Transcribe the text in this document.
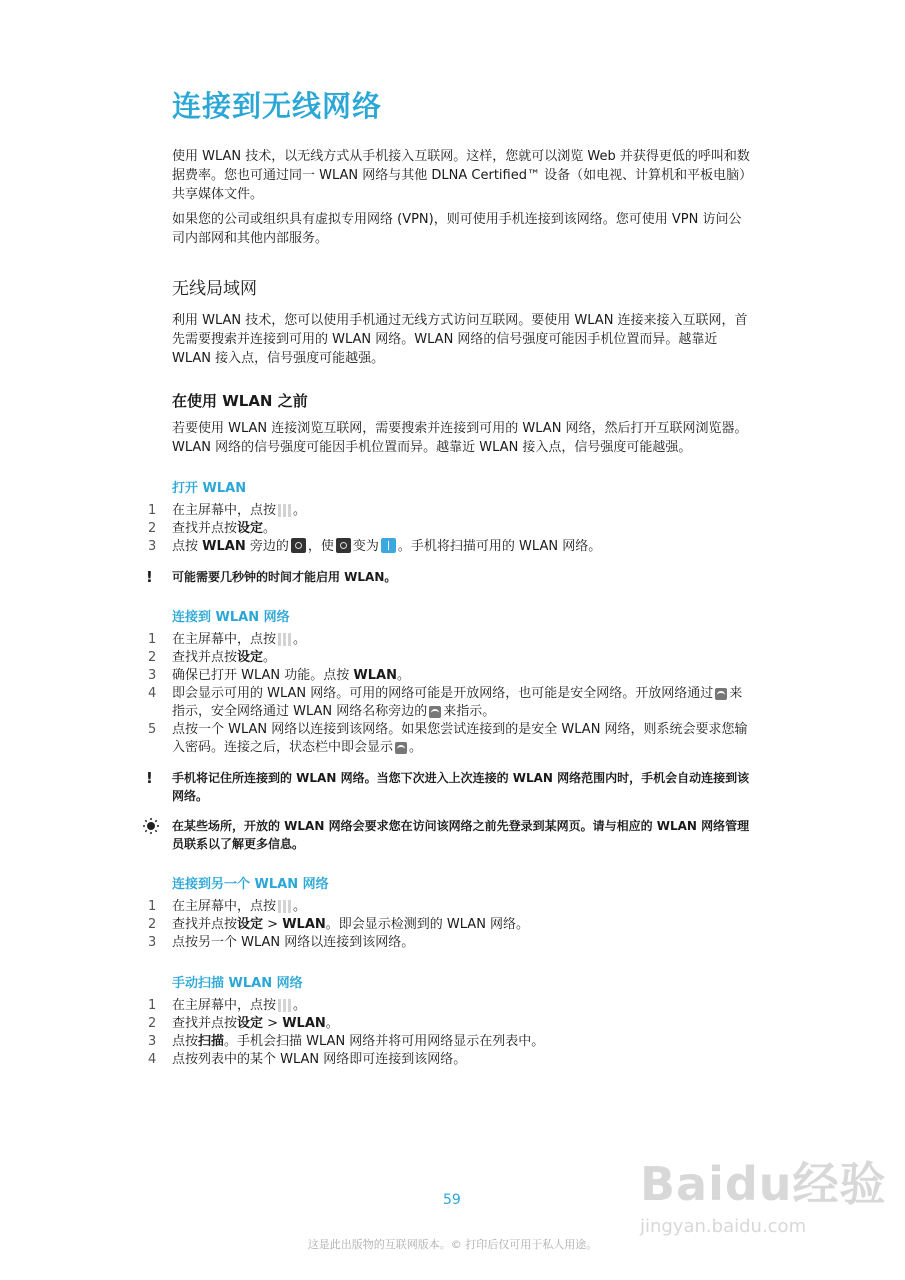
连接到无线网络

使用 WLAN 技术，以无线方式从手机接入互联网。这样，您就可以浏览 Web 并获得更低的呼叫和数据费率。您也可通过同一 WLAN 网络与其他 DLNA Certified™ 设备（如电视、计算机和平板电脑）共享媒体文件。

如果您的公司或组织具有虚拟专用网络 (VPN)，则可使用手机连接到该网络。您可使用 VPN 访问公司内部网和其他内部服务。

无线局域网

利用 WLAN 技术，您可以使用手机通过无线方式访问互联网。要使用 WLAN 连接来接入互联网，首先需要搜索并连接到可用的 WLAN 网络。WLAN 网络的信号强度可能因手机位置而异。越靠近 WLAN 接入点，信号强度可能越强。

在使用 WLAN 之前

若要使用 WLAN 连接浏览互联网，需要搜索并连接到可用的 WLAN 网络，然后打开互联网浏览器。WLAN 网络的信号强度可能因手机位置而异。越靠近 WLAN 接入点，信号强度可能越强。

打开 WLAN
1 在主屏幕中，点按 。
2 查找并点按设定。
3 点按 WLAN 旁边的 ，使 变为 。手机将扫描可用的 WLAN 网络。
! 可能需要几秒钟的时间才能启用 WLAN。
连接到 WLAN 网络
1 在主屏幕中，点按 。
2 查找并点按设定。
3 确保已打开 WLAN 功能。点按 WLAN。
4 即会显示可用的 WLAN 网络。可用的网络可能是开放网络，也可能是安全网络。开放网络通过 来指示，安全网络通过 WLAN 网络名称旁边的 来指示。
5 点按一个 WLAN 网络以连接到该网络。如果您尝试连接到的是安全 WLAN 网络，则系统会要求您输入密码。连接之后，状态栏中即会显示 。
! 手机将记住所连接到的 WLAN 网络。当您下次进入上次连接的 WLAN 网络范围内时，手机会自动连接到该网络。
在某些场所，开放的 WLAN 网络会要求您在访问该网络之前先登录到某网页。请与相应的 WLAN 网络管理员联系以了解更多信息。
连接到另一个 WLAN 网络
1 在主屏幕中，点按 。
2 查找并点按设定 > WLAN。即会显示检测到的 WLAN 网络。
3 点按另一个 WLAN 网络以连接到该网络。
手动扫描 WLAN 网络
1 在主屏幕中，点按 。
2 查找并点按设定 > WLAN。
3 点按扫描。手机会扫描 WLAN 网络并将可用网络显示在列表中。
4 点按列表中的某个 WLAN 网络即可连接到该网络。
Baidu经验
jingyan.baidu.com
59
这是此出版物的互联网版本。© 打印后仅可用于私人用途。
